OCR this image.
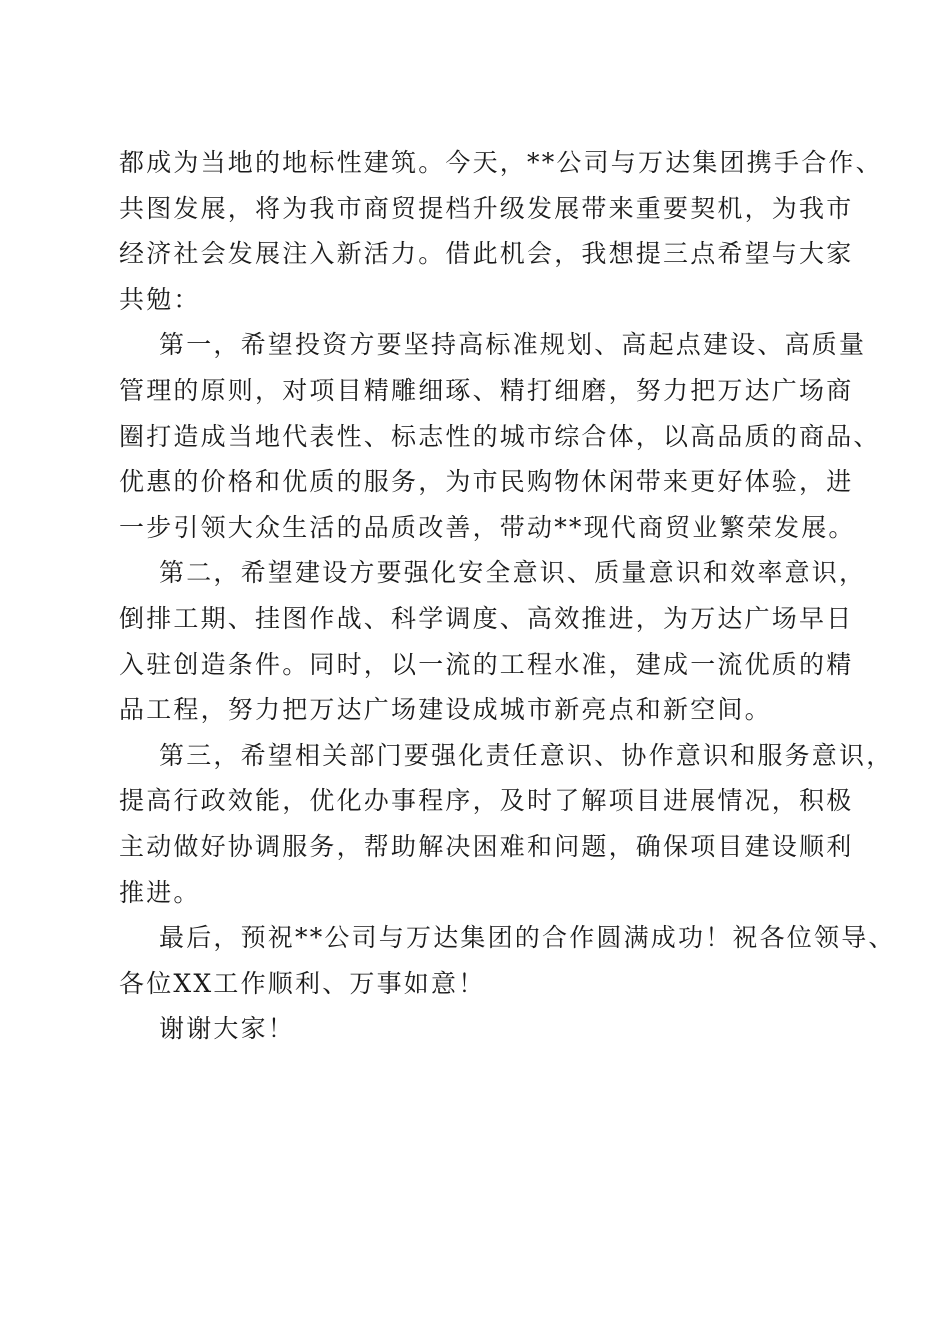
都成为当地的地标性建筑。今天，**公司与万达集团携手合作、
共图发展，将为我市商贸提档升级发展带来重要契机，为我市
经济社会发展注入新活力。借此机会，我想提三点希望与大家
共勉：
第一，希望投资方要坚持高标准规划、高起点建设、高质量
管理的原则，对项目精雕细琢、精打细磨，努力把万达广场商
圈打造成当地代表性、标志性的城市综合体，以高品质的商品、
优惠的价格和优质的服务，为市民购物休闲带来更好体验，进
一步引领大众生活的品质改善，带动**现代商贸业繁荣发展。
第二，希望建设方要强化安全意识、质量意识和效率意识，
倒排工期、挂图作战、科学调度、高效推进，为万达广场早日
入驻创造条件。同时，以一流的工程水准，建成一流优质的精
品工程，努力把万达广场建设成城市新亮点和新空间。
第三，希望相关部门要强化责任意识、协作意识和服务意识，
提高行政效能，优化办事程序，及时了解项目进展情况，积极
主动做好协调服务，帮助解决困难和问题，确保项目建设顺利
推进。
最后，预祝**公司与万达集团的合作圆满成功！祝各位领导、
各位XX工作顺利、万事如意！
谢谢大家！
